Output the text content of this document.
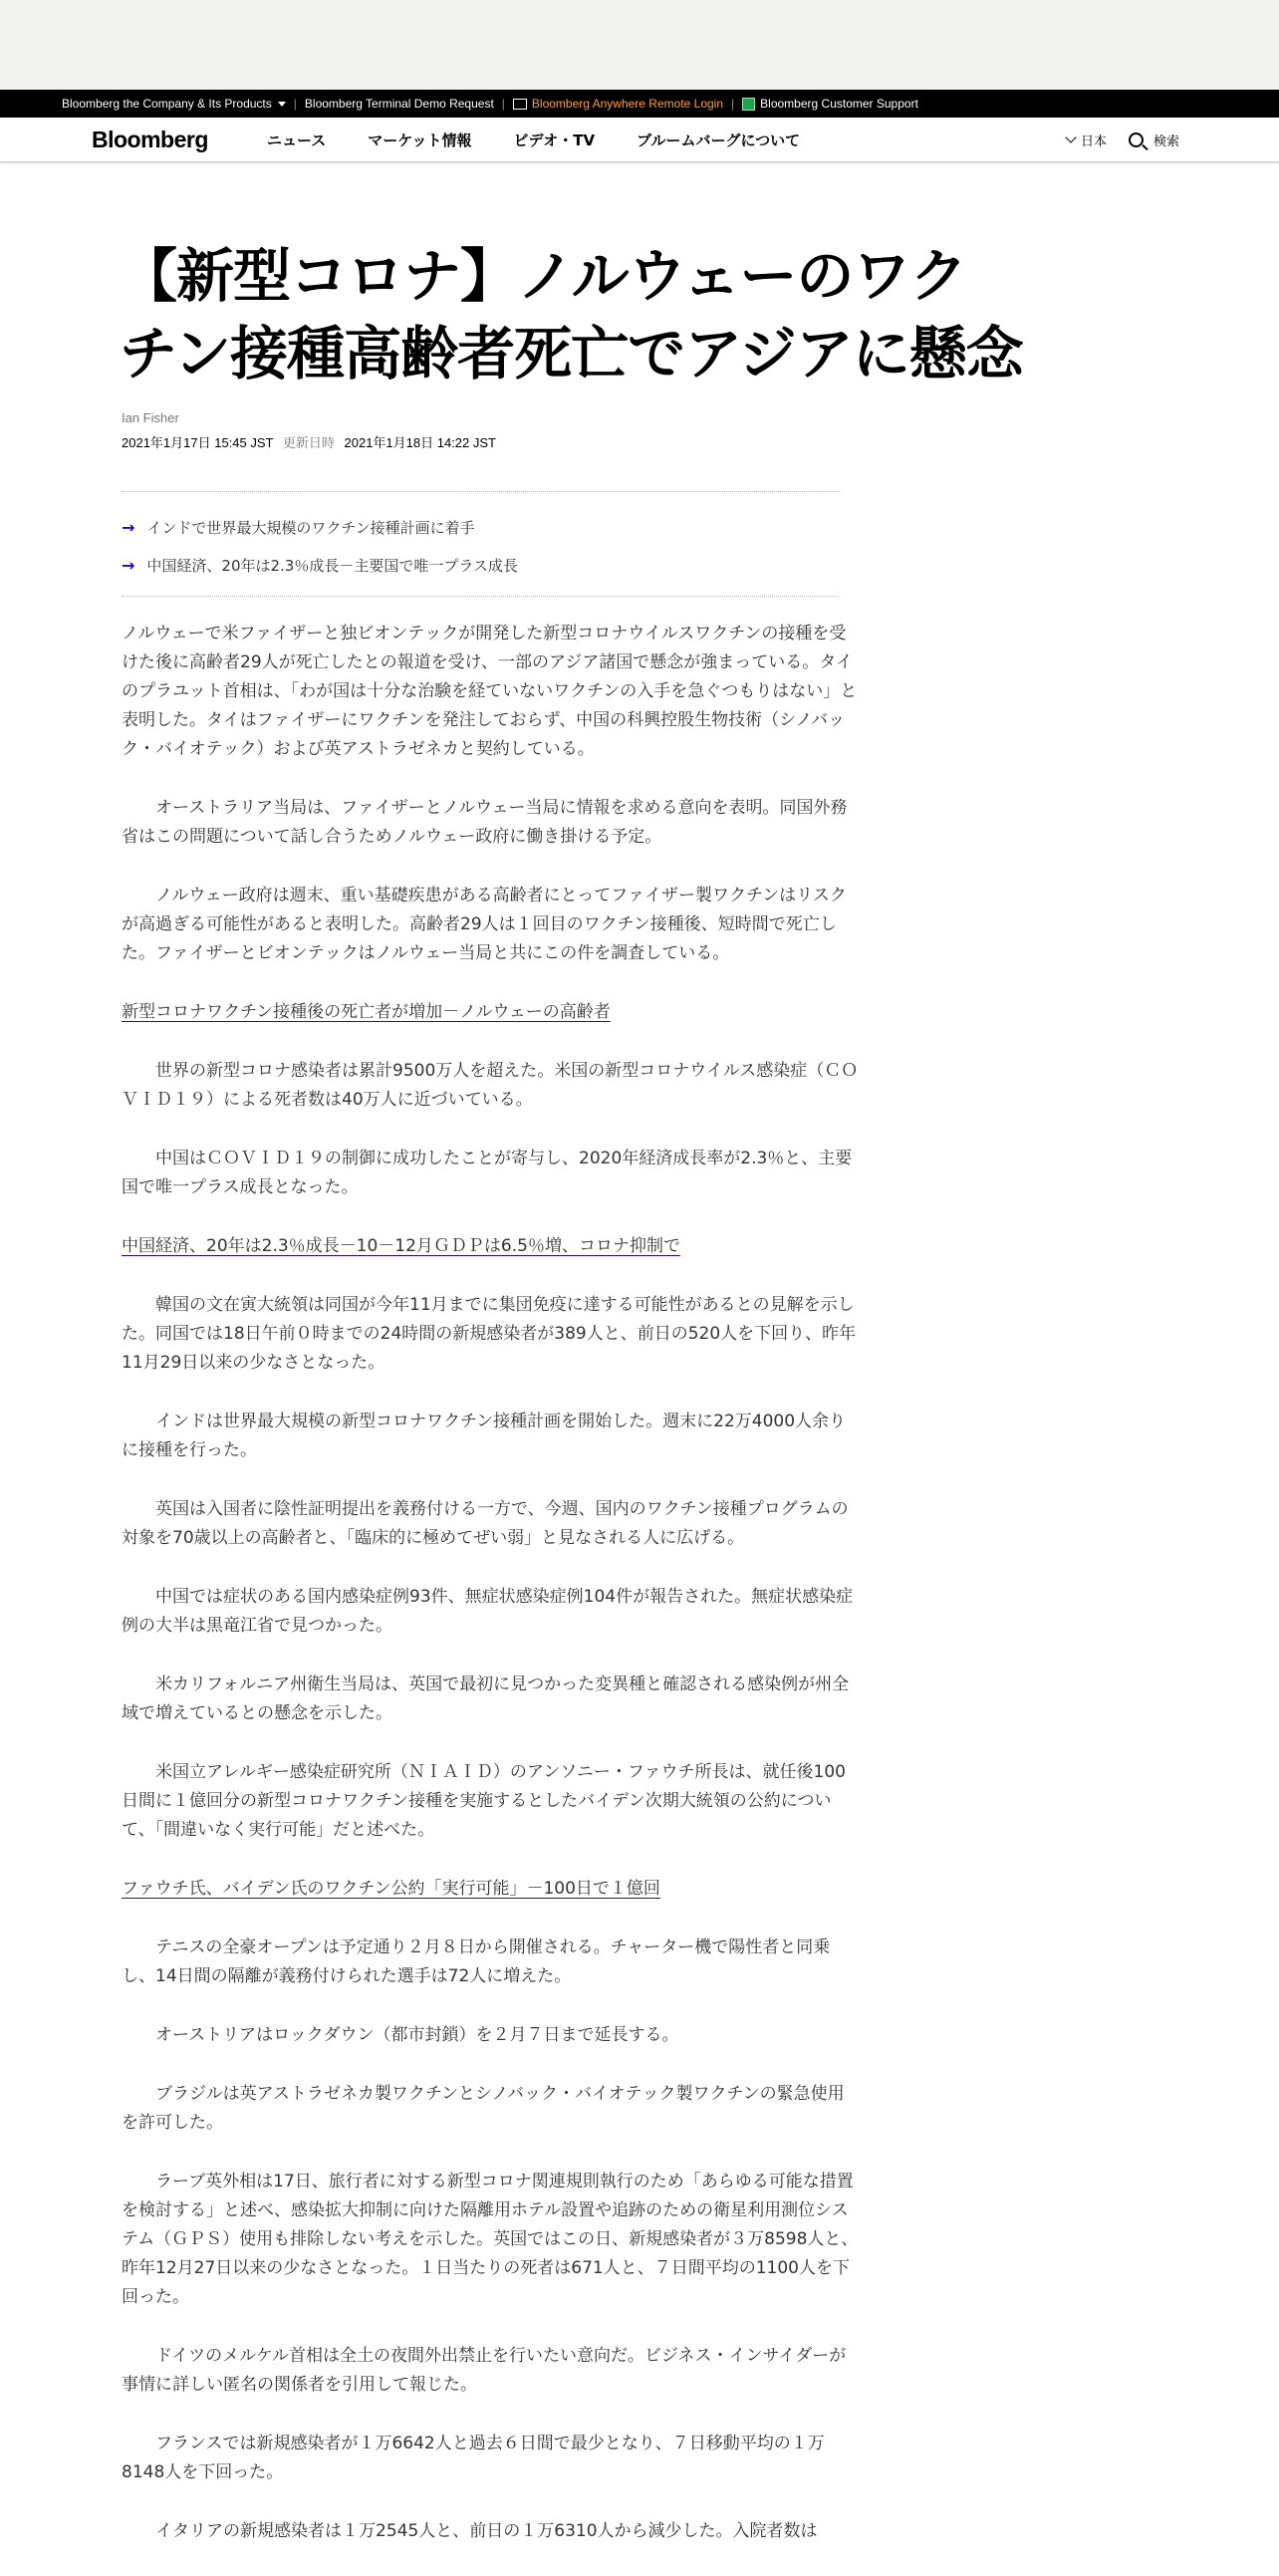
Bloomberg the Company & Its Products | Bloomberg Terminal Demo Request | Bloomberg Anywhere Remote Login | Bloomberg Customer Support
Bloomberg	ニュース	マーケット情報	ビデオ・TV	ブルームバーグについて	日本	検索
【新型コロナ】ノルウェーのワク
チン接種高齢者死亡でアジアに懸念
Ian Fisher
2021年1月17日 15:45 JST 更新日時 2021年1月18日 14:22 JST
→ インドで世界最大規模のワクチン接種計画に着手
→ 中国経済、20年は2.3％成長－主要国で唯一プラス成長

ノルウェーで米ファイザーと独ビオンテックが開発した新型コロナウイルスワクチンの接種を受けた後に高齢者29人が死亡したとの報道を受け、一部のアジア諸国で懸念が強まっている。タイのプラユット首相は、「わが国は十分な治験を経ていないワクチンの入手を急ぐつもりはない」と表明した。タイはファイザーにワクチンを発注しておらず、中国の科興控股生物技術（シノバック・バイオテック）および英アストラゼネカと契約している。

オーストラリア当局は、ファイザーとノルウェー当局に情報を求める意向を表明。同国外務省はこの問題について話し合うためノルウェー政府に働き掛ける予定。

ノルウェー政府は週末、重い基礎疾患がある高齢者にとってファイザー製ワクチンはリスクが高過ぎる可能性があると表明した。高齢者29人は１回目のワクチン接種後、短時間で死亡した。ファイザーとビオンテックはノルウェー当局と共にこの件を調査している。

新型コロナワクチン接種後の死亡者が増加－ノルウェーの高齢者

世界の新型コロナ感染者は累計9500万人を超えた。米国の新型コロナウイルス感染症（ＣＯＶＩＤ１９）による死者数は40万人に近づいている。

中国はＣＯＶＩＤ１９の制御に成功したことが寄与し、2020年経済成長率が2.3％と、主要国で唯一プラス成長となった。

中国経済、20年は2.3％成長－10－12月ＧＤＰは6.5％増、コロナ抑制で

韓国の文在寅大統領は同国が今年11月までに集団免疫に達する可能性があるとの見解を示した。同国では18日午前０時までの24時間の新規感染者が389人と、前日の520人を下回り、昨年11月29日以来の少なさとなった。

インドは世界最大規模の新型コロナワクチン接種計画を開始した。週末に22万4000人余りに接種を行った。

英国は入国者に陰性証明提出を義務付ける一方で、今週、国内のワクチン接種プログラムの対象を70歳以上の高齢者と、「臨床的に極めてぜい弱」と見なされる人に広げる。

中国では症状のある国内感染症例93件、無症状感染症例104件が報告された。無症状感染症例の大半は黒竜江省で見つかった。

米カリフォルニア州衛生当局は、英国で最初に見つかった変異種と確認される感染例が州全域で増えているとの懸念を示した。

米国立アレルギー感染症研究所（ＮＩＡＩＤ）のアンソニー・ファウチ所長は、就任後100日間に１億回分の新型コロナワクチン接種を実施するとしたバイデン次期大統領の公約について、「間違いなく実行可能」だと述べた。

ファウチ氏、バイデン氏のワクチン公約「実行可能」－100日で１億回

テニスの全豪オープンは予定通り２月８日から開催される。チャーター機で陽性者と同乗し、14日間の隔離が義務付けられた選手は72人に増えた。

オーストリアはロックダウン（都市封鎖）を２月７日まで延長する。

ブラジルは英アストラゼネカ製ワクチンとシノバック・バイオテック製ワクチンの緊急使用を許可した。

ラーブ英外相は17日、旅行者に対する新型コロナ関連規則執行のため「あらゆる可能な措置を検討する」と述べ、感染拡大抑制に向けた隔離用ホテル設置や追跡のための衛星利用測位システム（ＧＰＳ）使用も排除しない考えを示した。英国ではこの日、新規感染者が３万8598人と、昨年12月27日以来の少なさとなった。１日当たりの死者は671人と、７日間平均の1100人を下回った。

ドイツのメルケル首相は全土の夜間外出禁止を行いたい意向だ。ビジネス・インサイダーが事情に詳しい匿名の関係者を引用して報じた。

フランスでは新規感染者が１万6642人と過去６日間で最少となり、７日移動平均の１万8148人を下回った。

イタリアの新規感染者は１万2545人と、前日の１万6310人から減少した。入院者数は
